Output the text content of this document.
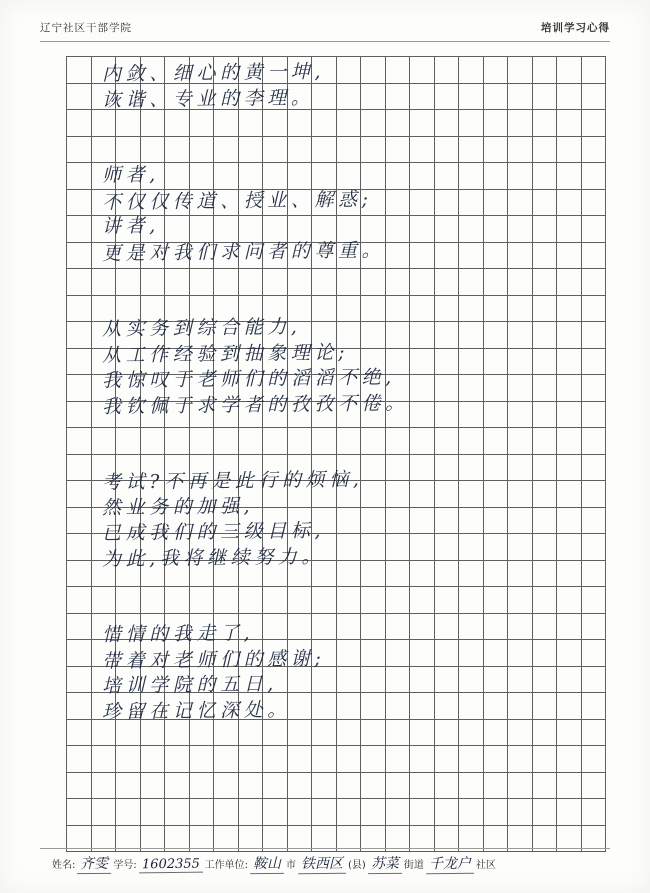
辽宁社区干部学院	培训学习心得

内敛、细心的黄一坤,
诙谐、专业的李理。
师者,
不仅仅传道、授业、解惑;
讲者,
更是对我们求问者的尊重。
从实务到综合能力,
从工作经验到抽象理论;
我惊叹于老师们的滔滔不绝,
我钦佩于求学者的孜孜不倦。
考试?不再是此行的烦恼,
然业务的加强,
已成我们的三级目标,
为此,我将继续努力。
惜情的我走了,
带着对老师们的感谢;
培训学院的五日,
珍留在记忆深处。
姓名: 齐雯 学号: 1602355 工作单位: 鞍山 市 铁西区 (县) 苏菜 街道 千龙户 社区
